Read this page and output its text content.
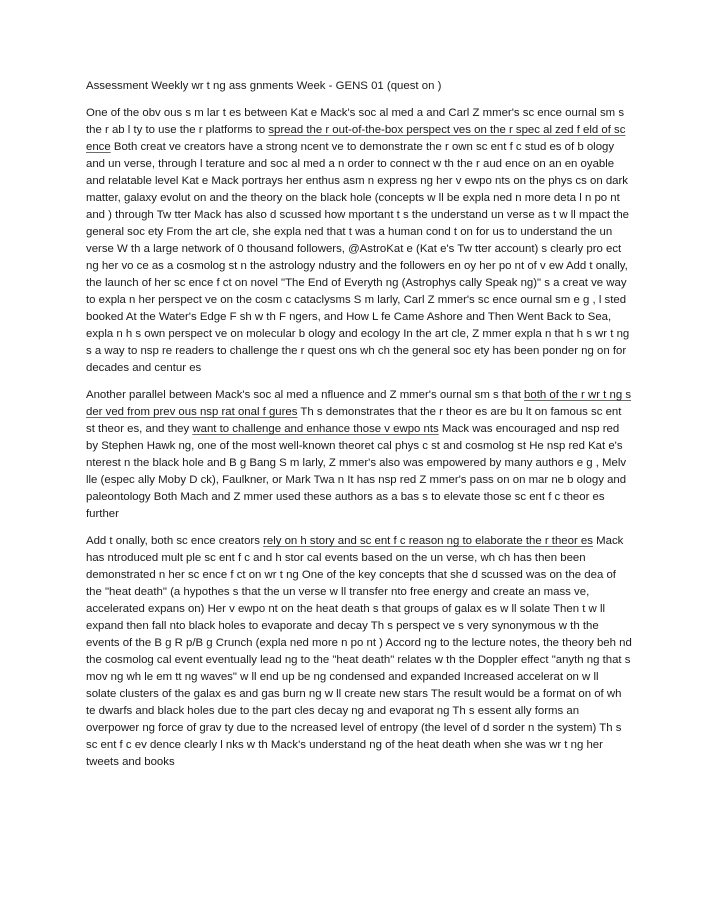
Assessment Weekly wr t ng ass gnments Week - GENS 01 (quest on )

One of the obv ous s m lar t es between Kat e Mack's soc al med a and Carl Z mmer's sc ence ournal sm s the r ab l ty to use the r platforms to spread the r out-of-the-box perspect ves on the r spec al zed f eld of sc ence Both creat ve creators have a strong ncent ve to demonstrate the r own sc ent f c stud es of b ology and un verse, through l terature and soc al med a n order to connect w th the r aud ence on an en oyable and relatable level Kat e Mack portrays her enthus asm n express ng her v ewpo nts on the phys cs on dark matter, galaxy evolut on and the theory on the black hole (concepts w ll be expla ned n more deta l n po nt and ) through Tw tter Mack has also d scussed how mportant t s the understand un verse as t w ll mpact the general soc ety From the art cle, she expla ned that t was a human cond t on for us to understand the un verse W th a large network of 0 thousand followers, @AstroKat e (Kat e's Tw tter account) s clearly pro ect ng her vo ce as a cosmolog st n the astrology ndustry and the followers en oy her po nt of v ew Add t onally, the launch of her sc ence f ct on novel "The End of Everyth ng (Astrophys cally Speak ng)" s a creat ve way to expla n her perspect ve on the cosm c cataclysms S m larly, Carl Z mmer's sc ence ournal sm e g , l sted booked At the Water's Edge F sh w th F ngers, and How L fe Came Ashore and Then Went Back to Sea, expla n h s own perspect ve on molecular b ology and ecology In the art cle, Z mmer expla n that h s wr t ng s a way to nsp re readers to challenge the r quest ons wh ch the general soc ety has been ponder ng on for decades and centur es

Another parallel between Mack's soc al med a nfluence and Z mmer's ournal sm s that both of the r wr t ng s der ved from prev ous nsp rat onal f gures Th s demonstrates that the r theor es are bu lt on famous sc ent st theor es, and they want to challenge and enhance those v ewpo nts Mack was encouraged and nsp red by Stephen Hawk ng, one of the most well-known theoret cal phys c st and cosmolog st He nsp red Kat e's nterest n the black hole and B g Bang S m larly, Z mmer's also was empowered by many authors e g , Melv lle (espec ally Moby D ck), Faulkner, or Mark Twa n It has nsp red Z mmer's pass on on mar ne b ology and paleontology Both Mach and Z mmer used these authors as a bas s to elevate those sc ent f c theor es further

Add t onally, both sc ence creators rely on h story and sc ent f c reason ng to elaborate the r theor es Mack has ntroduced mult ple sc ent f c and h stor cal events based on the un verse, wh ch has then been demonstrated n her sc ence f ct on wr t ng One of the key concepts that she d scussed was on the dea of the "heat death" (a hypothes s that the un verse w ll transfer nto free energy and create an mass ve, accelerated expans on) Her v ewpo nt on the heat death s that groups of galax es w ll solate Then t w ll expand then fall nto black holes to evaporate and decay Th s perspect ve s very synonymous w th the events of the B g R p/B g Crunch (expla ned more n po nt ) Accord ng to the lecture notes, the theory beh nd the cosmolog cal event eventually lead ng to the "heat death" relates w th the Doppler effect "anyth ng that s mov ng wh le em tt ng waves" w ll end up be ng condensed and expanded Increased accelerat on w ll solate clusters of the galax es and gas burn ng w ll create new stars The result would be a format on of wh te dwarfs and black holes due to the part cles decay ng and evaporat ng Th s essent ally forms an overpower ng force of grav ty due to the ncreased level of entropy (the level of d sorder n the system) Th s sc ent f c ev dence clearly l nks w th Mack's understand ng of the heat death when she was wr t ng her tweets and books
